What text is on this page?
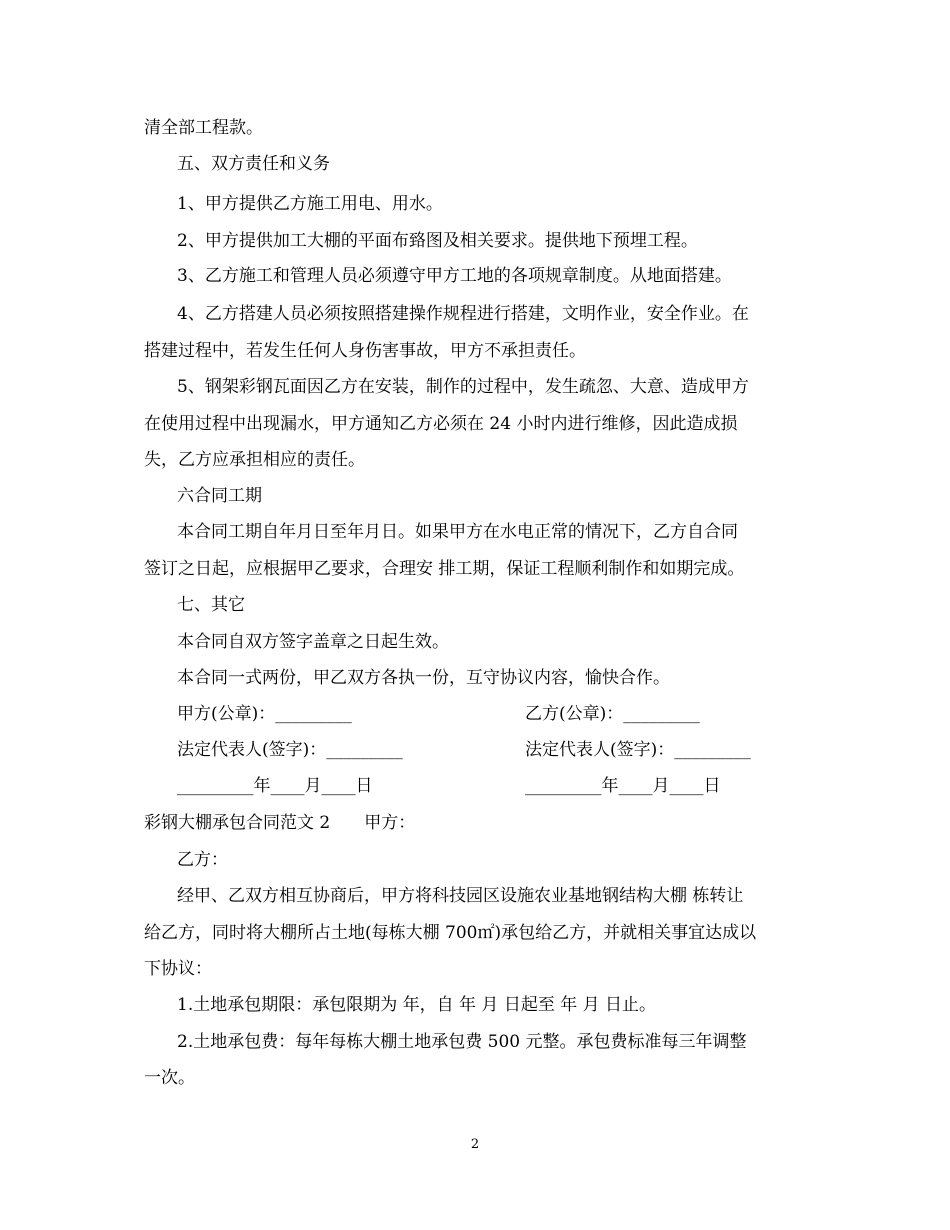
清全部工程款。
五、双方责任和义务
1、甲方提供乙方施工用电、用水。
2、甲方提供加工大棚的平面布臵图及相关要求。提供地下预埋工程。
3、乙方施工和管理人员必须遵守甲方工地的各项规章制度。从地面搭建。
4、乙方搭建人员必须按照搭建操作规程进行搭建，文明作业，安全作业。在
搭建过程中，若发生任何人身伤害事故，甲方不承担责任。
5、钢架彩钢瓦面因乙方在安装，制作的过程中，发生疏忽、大意、造成甲方
在使用过程中出现漏水，甲方通知乙方必须在 24 小时内进行维修，因此造成损
失，乙方应承担相应的责任。
六合同工期
本合同工期自年月日至年月日。如果甲方在水电正常的情况下，乙方自合同
签订之日起，应根据甲乙要求，合理安 排工期，保证工程顺利制作和如期完成。
七、其它
本合同自双方签字盖章之日起生效。
本合同一式两份，甲乙双方各执一份，互守协议内容，愉快合作。
甲方(公章)：_________	乙方(公章)：_________
法定代表人(签字)：_________	法定代表人(签字)：_________
_________年____月____日	_________年____月____日
彩钢大棚承包合同范文 2　　甲方：
乙方：
经甲、乙双方相互协商后，甲方将科技园区设施农业基地钢结构大棚 栋转让
给乙方，同时将大棚所占土地(每栋大棚 700㎡)承包给乙方，并就相关事宜达成以
下协议：
1.土地承包期限：承包限期为 年，自 年 月 日起至 年 月 日止。
2.土地承包费：每年每栋大棚土地承包费 500 元整。承包费标准每三年调整
一次。
2
